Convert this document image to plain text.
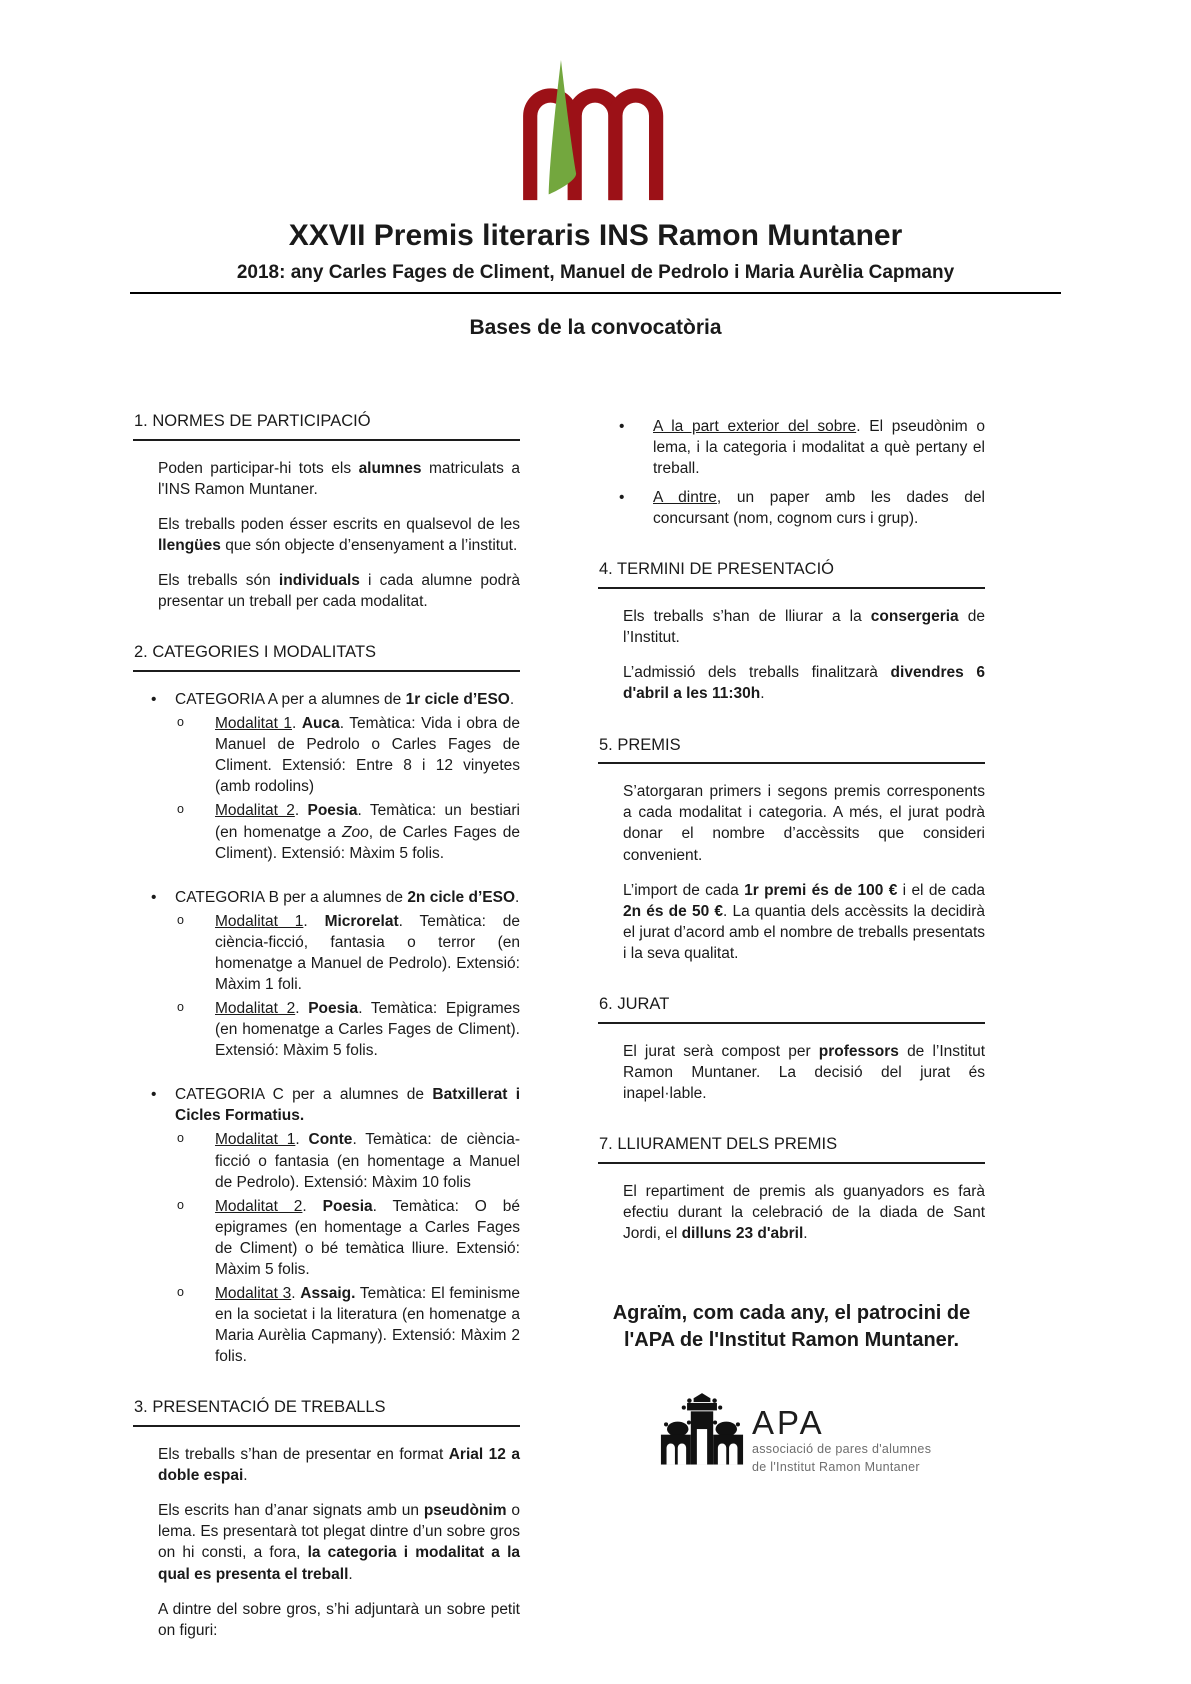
XXVII Premis literaris INS Ramon Muntaner
2018: any Carles Fages de Climent, Manuel de Pedrolo i Maria Aurèlia Capmany
Bases de la convocatòria
1. NORMES DE PARTICIPACIÓ
Poden participar-hi tots els alumnes matriculats a l'INS Ramon Muntaner.
Els treballs poden ésser escrits en qualsevol de les llengües que són objecte d’ensenyament a l’institut.
Els treballs són individuals i cada alumne podrà presentar un treball per cada modalitat.
2. CATEGORIES I MODALITATS
• CATEGORIA A per a alumnes de 1r cicle d’ESO.
o Modalitat 1. Auca. Temàtica: Vida i obra de Manuel de Pedrolo o Carles Fages de Climent. Extensió: Entre 8 i 12 vinyetes (amb rodolins)
o Modalitat 2. Poesia. Temàtica: un bestiari (en homenatge a Zoo, de Carles Fages de Climent). Extensió: Màxim 5 folis.
• CATEGORIA B per a alumnes de 2n cicle d’ESO.
o Modalitat 1. Microrelat. Temàtica: de ciència-ficció, fantasia o terror (en homenatge a Manuel de Pedrolo). Extensió: Màxim 1 foli.
o Modalitat 2. Poesia. Temàtica: Epigrames (en homenatge a Carles Fages de Climent). Extensió: Màxim 5 folis.
• CATEGORIA C per a alumnes de Batxillerat i Cicles Formatius.
o Modalitat 1. Conte. Temàtica: de ciència-ficció o fantasia (en homentage a Manuel de Pedrolo). Extensió: Màxim 10 folis
o Modalitat 2. Poesia. Temàtica: O bé epigrames (en homentage a Carles Fages de Climent) o bé temàtica lliure. Extensió: Màxim 5 folis.
o Modalitat 3. Assaig. Temàtica: El feminisme en la societat i la literatura (en homenatge a Maria Aurèlia Capmany). Extensió: Màxim 2 folis.
3. PRESENTACIÓ DE TREBALLS
Els treballs s’han de presentar en format Arial 12 a doble espai.
Els escrits han d’anar signats amb un pseudònim o lema. Es presentarà tot plegat dintre d’un sobre gros on hi consti, a fora, la categoria i modalitat a la qual es presenta el treball.
A dintre del sobre gros, s’hi adjuntarà un sobre petit on figuri:
• A la part exterior del sobre. El pseudònim o lema, i la categoria i modalitat a què pertany el treball.
• A dintre, un paper amb les dades del concursant (nom, cognom curs i grup).
4. TERMINI DE PRESENTACIÓ
Els treballs s’han de lliurar a la consergeria de l’Institut.
L’admissió dels treballs finalitzarà divendres 6 d'abril a les 11:30h.
5. PREMIS
S’atorgaran primers i segons premis corresponents a cada modalitat i categoria. A més, el jurat podrà donar el nombre d’accèssits que consideri convenient.
L’import de cada 1r premi és de 100 € i el de cada 2n és de 50 €. La quantia dels accèssits la decidirà el jurat d’acord amb el nombre de treballs presentats i la seva qualitat.
6. JURAT
El jurat serà compost per professors de l’Institut Ramon Muntaner. La decisió del jurat és inapel·lable.
7. LLIURAMENT DELS PREMIS
El repartiment de premis als guanyadors es farà efectiu durant la celebració de la diada de Sant Jordi, el dilluns 23 d'abril.
Agraïm, com cada any, el patrocini de l'APA de l'Institut Ramon Muntaner.
APA
associació de pares d'alumnes
de l'Institut Ramon Muntaner
